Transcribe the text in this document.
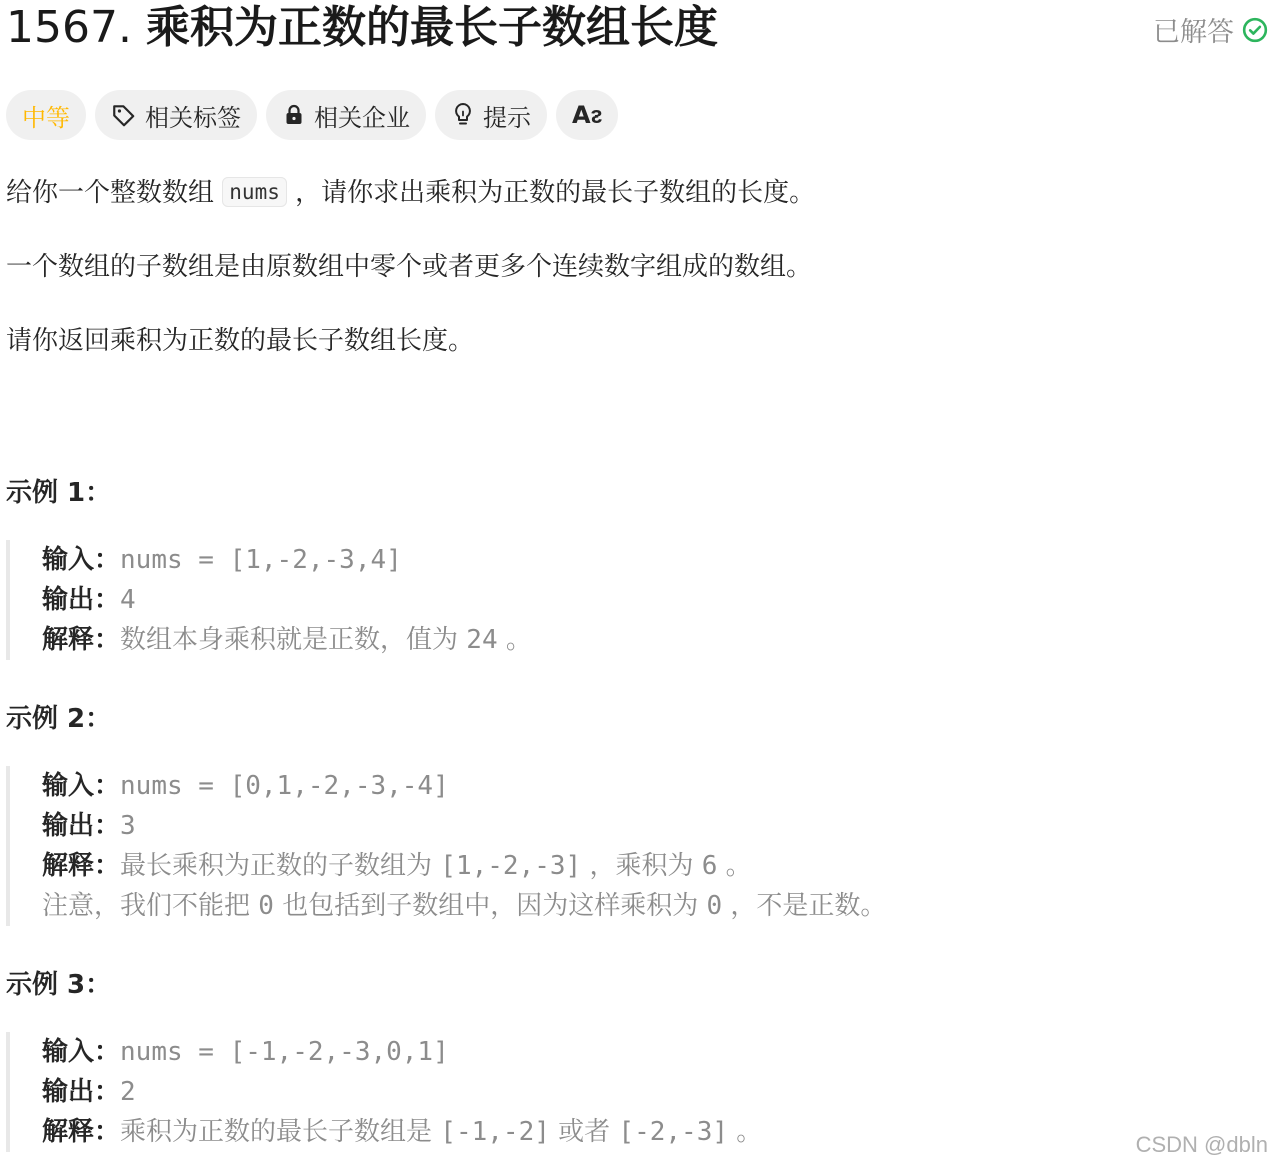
1567. 乘积为正数的最长子数组长度	已解答
中等	相关标签	相关企业	提示 Aᴤ
给你一个整数数组 nums ，请你求出乘积为正数的最长子数组的长度。
一个数组的子数组是由原数组中零个或者更多个连续数字组成的数组。
请你返回乘积为正数的最长子数组长度。
示例 1：
输入：nums = [1,-2,-3,4]
输出：4
解释：数组本身乘积就是正数，值为 24 。
示例 2：
输入：nums = [0,1,-2,-3,-4]
输出：3
解释：最长乘积为正数的子数组为 [1,-2,-3] ，乘积为 6 。
注意，我们不能把 0 也包括到子数组中，因为这样乘积为 0 ，不是正数。
示例 3：
输入：nums = [-1,-2,-3,0,1]
输出：2
解释：乘积为正数的最长子数组是 [-1,-2] 或者 [-2,-3] 。	CSDN @dbln
